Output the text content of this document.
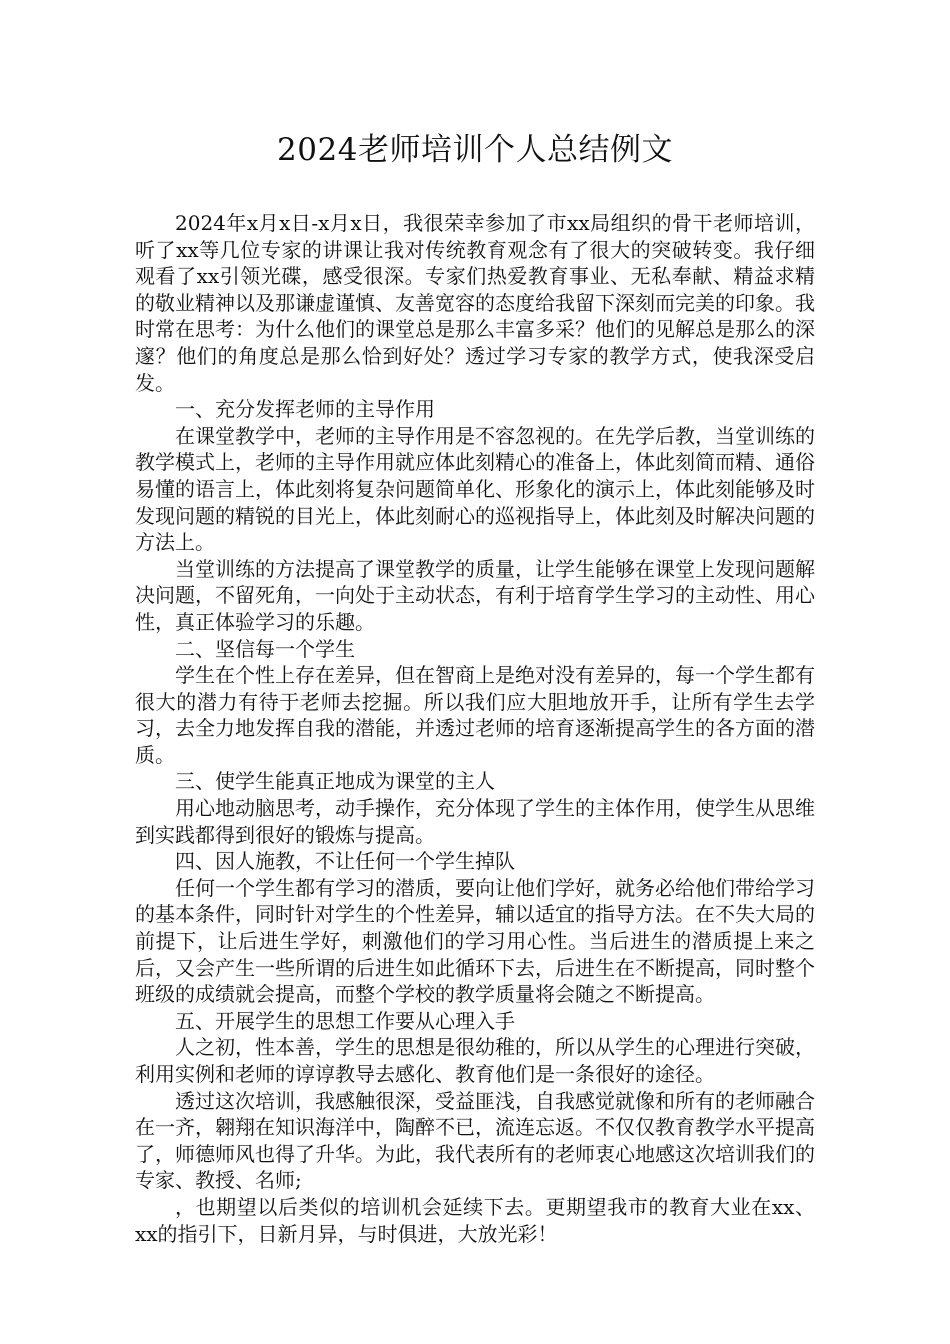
2024老师培训个人总结例文

2024年x月x日-x月x日，我很荣幸参加了市xx局组织的骨干老师培训，听了xx等几位专家的讲课让我对传统教育观念有了很大的突破转变。我仔细观看了xx引领光碟，感受很深。专家们热爱教育事业、无私奉献、精益求精的敬业精神以及那谦虚谨慎、友善宽容的态度给我留下深刻而完美的印象。我时常在思考：为什么他们的课堂总是那么丰富多采？他们的见解总是那么的深邃？他们的角度总是那么恰到好处？透过学习专家的教学方式，使我深受启发。

一、充分发挥老师的主导作用

在课堂教学中，老师的主导作用是不容忽视的。在先学后教，当堂训练的教学模式上，老师的主导作用就应体此刻精心的准备上，体此刻简而精、通俗易懂的语言上，体此刻将复杂问题简单化、形象化的演示上，体此刻能够及时发现问题的精锐的目光上，体此刻耐心的巡视指导上，体此刻及时解决问题的方法上。

当堂训练的方法提高了课堂教学的质量，让学生能够在课堂上发现问题解决问题，不留死角，一向处于主动状态，有利于培育学生学习的主动性、用心性，真正体验学习的乐趣。

二、坚信每一个学生

学生在个性上存在差异，但在智商上是绝对没有差异的，每一个学生都有很大的潜力有待于老师去挖掘。所以我们应大胆地放开手，让所有学生去学习，去全力地发挥自我的潜能，并透过老师的培育逐渐提高学生的各方面的潜质。

三、使学生能真正地成为课堂的主人

用心地动脑思考，动手操作，充分体现了学生的主体作用，使学生从思维到实践都得到很好的锻炼与提高。

四、因人施教，不让任何一个学生掉队

任何一个学生都有学习的潜质，要向让他们学好，就务必给他们带给学习的基本条件，同时针对学生的个性差异，辅以适宜的指导方法。在不失大局的前提下，让后进生学好，刺激他们的学习用心性。当后进生的潜质提上来之后，又会产生一些所谓的后进生如此循环下去，后进生在不断提高，同时整个班级的成绩就会提高，而整个学校的教学质量将会随之不断提高。

五、开展学生的思想工作要从心理入手

人之初，性本善，学生的思想是很幼稚的，所以从学生的心理进行突破，利用实例和老师的谆谆教导去感化、教育他们是一条很好的途径。

透过这次培训，我感触很深，受益匪浅，自我感觉就像和所有的老师融合在一齐，翱翔在知识海洋中，陶醉不已，流连忘返。不仅仅教育教学水平提高了，师德师风也得了升华。为此，我代表所有的老师衷心地感这次培训我们的专家、教授、名师;

，也期望以后类似的培训机会延续下去。更期望我市的教育大业在xx、xx的指引下，日新月异，与时俱进，大放光彩！
